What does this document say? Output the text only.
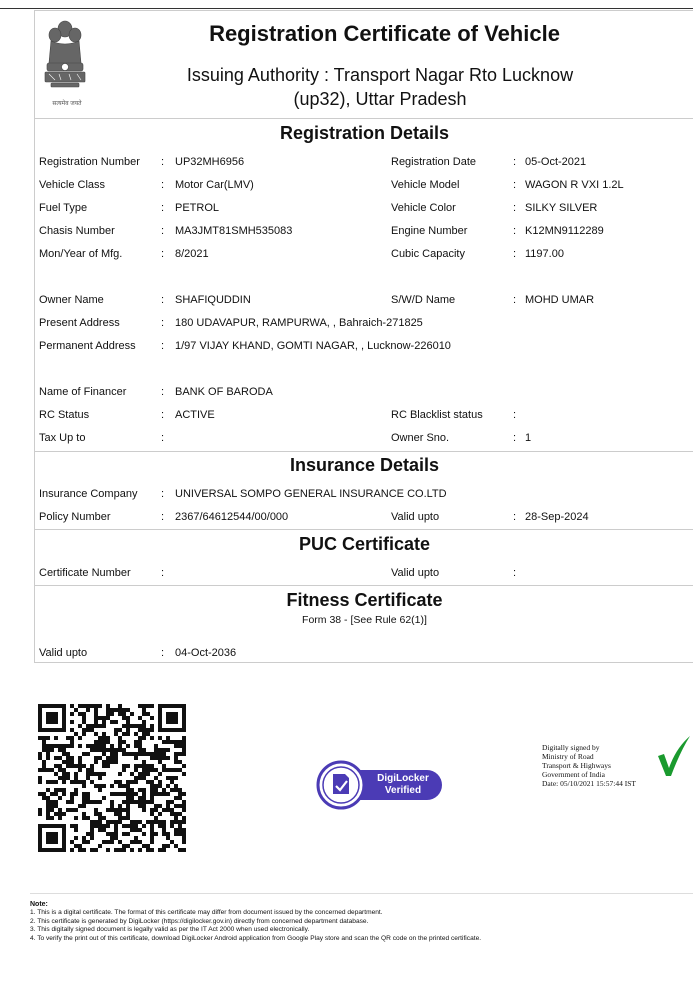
सत्यमेव जयते
Registration Certificate of Vehicle
Issuing Authority : Transport Nagar Rto Lucknow
(up32), Uttar Pradesh
Registration Details
Registration Number : UP32MH6956	Registration Date	: 05-Oct-2021
Vehicle Class	: Motor Car(LMV)	Vehicle Model	: WAGON R VXI 1.2L
Fuel Type	: PETROL	Vehicle Color	: SILKY SILVER
Chasis Number	: MA3JMT81SMH535083	Engine Number	: K12MN9112289
Mon/Year of Mfg.	: 8/2021	Cubic Capacity	: 1197.00
Owner Name	: SHAFIQUDDIN	S/W/D Name	: MOHD UMAR
Present Address	: 180 UDAVAPUR, RAMPURWA, , Bahraich-271825
Permanent Address : 1/97 VIJAY KHAND, GOMTI NAGAR, , Lucknow-226010
Name of Financer	: BANK OF BARODA
RC Status	: ACTIVE	RC Blacklist status	:
Tax Up to	:	Owner Sno.	: 1
Insurance Details
Insurance Company : UNIVERSAL SOMPO GENERAL INSURANCE CO.LTD
Policy Number	: 2367/64612544/00/000	Valid upto	: 28-Sep-2024
PUC Certificate
Certificate Number	:	Valid upto	:
Fitness Certificate
Form 38 - [See Rule 62(1)]
Valid upto	: 04-Oct-2036
DigiLocker
Verified
Digitally signed by
Ministry of Road
Transport & Highways
Government of India
Date: 05/10/2021 15:57:44 IST
Note:
1. This is a digital certificate. The format of this certificate may differ from document issued by the concerned department.
2. This certificate is generated by DigiLocker (https://digilocker.gov.in) directly from concerned department database.
3. This digitally signed document is legally valid as per the IT Act 2000 when used electronically.
4. To verify the print out of this certificate, download DigiLocker Android application from Google Play store and scan the QR code on the printed certificate.
